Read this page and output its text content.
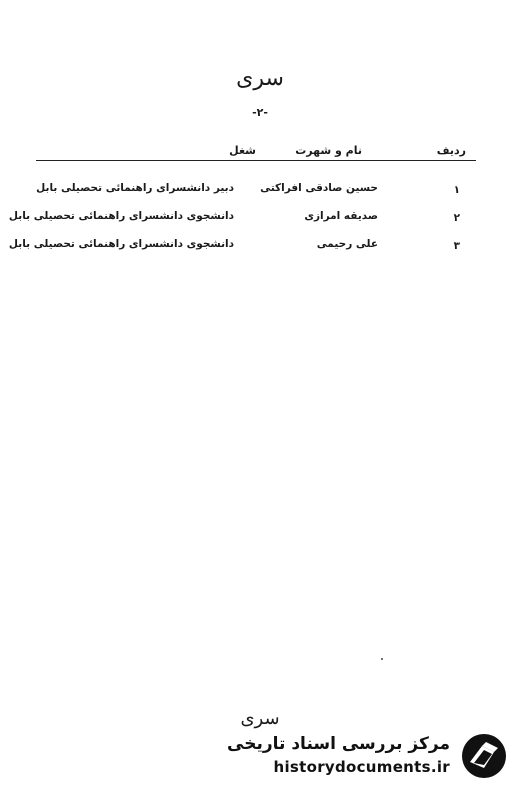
سری
-۲-
ردیف
نام و شهرت
شغل
۱
حسین صادقی افراکتی
دبیر دانشسرای راهنمائی تحصیلی بابل
۲
صدیقه امرازی
دانشجوی دانشسرای راهنمائی تحصیلی بابل
۳
علی رحیمی
دانشجوی دانشسرای راهنمائی تحصیلی بابل
سری
مرکز بررسی اسناد تاریخی
historydocuments.ir
